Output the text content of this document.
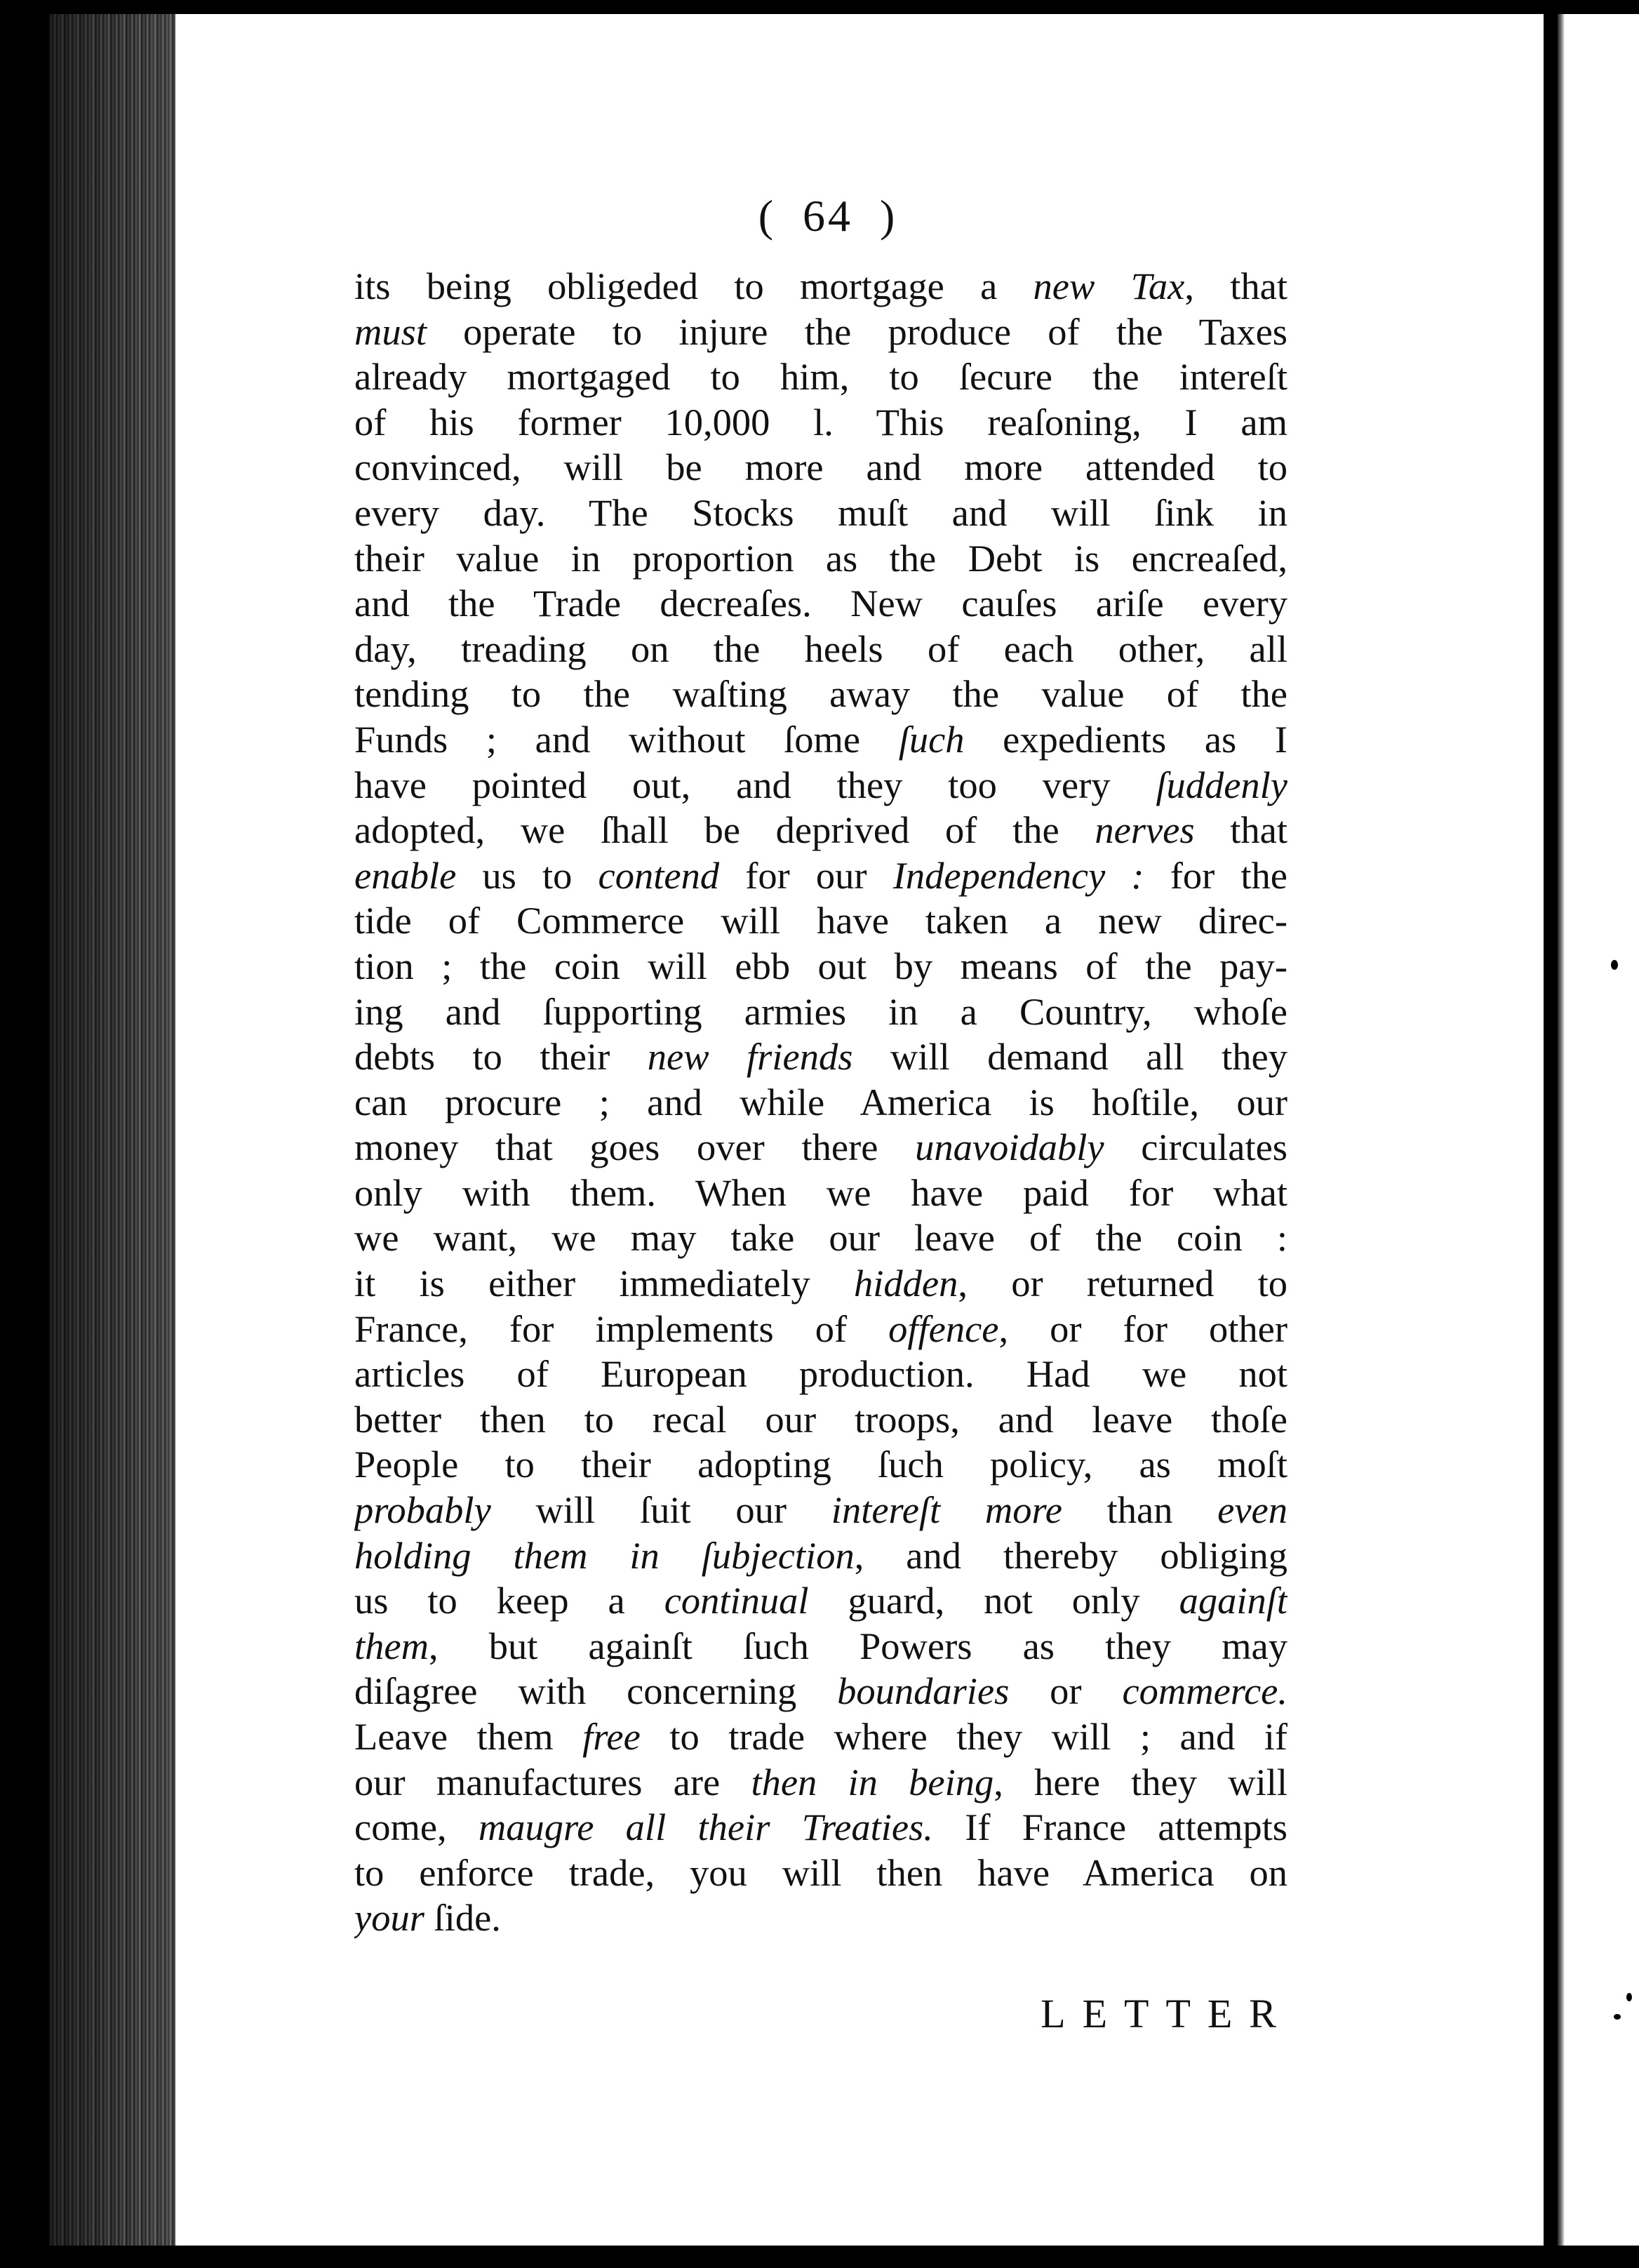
( 64 )
its being obligeded to mortgage a new Tax, that
must operate to injure the produce of the Taxes
already mortgaged to him, to ſecure the intereſt
of his former 10,000 l. This reaſoning, I am
convinced, will be more and more attended to
every day. The Stocks muſt and will ſink in
their value in proportion as the Debt is encreaſed,
and the Trade decreaſes. New cauſes ariſe every
day, treading on the heels of each other, all
tending to the waſting away the value of the
Funds ; and without ſome ſuch expedients as I
have pointed out, and they too very ſuddenly
adopted, we ſhall be deprived of the nerves that
enable us to contend for our Independency : for the
tide of Commerce will have taken a new direc-
tion ; the coin will ebb out by means of the pay-
ing and ſupporting armies in a Country, whoſe
debts to their new friends will demand all they
can procure ; and while America is hoſtile, our
money that goes over there unavoidably circulates
only with them. When we have paid for what
we want, we may take our leave of the coin :
it is either immediately hidden, or returned to
France, for implements of offence, or for other
articles of European production. Had we not
better then to recal our troops, and leave thoſe
People to their adopting ſuch policy, as moſt
probably will ſuit our intereſt more than even
holding them in ſubjection, and thereby obliging
us to keep a continual guard, not only againſt
them, but againſt ſuch Powers as they may
diſagree with concerning boundaries or commerce.
Leave them free to trade where they will ; and if
our manufactures are then in being, here they will
come, maugre all their Treaties. If France attempts
to enforce trade, you will then have America on
your ſide.
LETTER
